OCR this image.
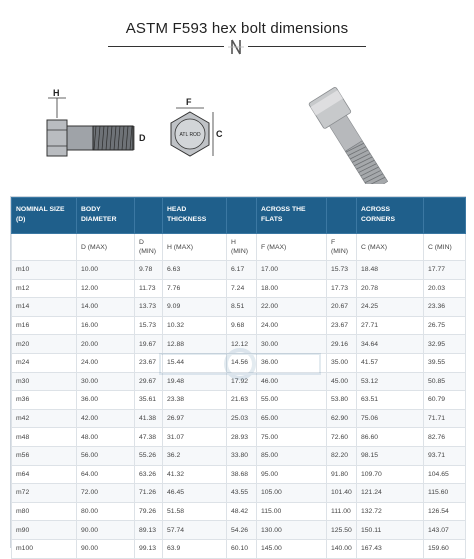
ASTM F593 hex bolt dimensions
H
D
F
C
ATL ROD
NOMINAL SIZE (D)	BODY DIAMETER		HEAD THICKNESS		ACROSS THE FLATS		ACROSS CORNERS	
	D (MAX)	D (MIN)	H (MAX)	H (MIN)	F (MAX)	F (MIN)	C (MAX)	C (MIN)
m10	10.00	9.78	6.63	6.17	17.00	15.73	18.48	17.77
m12	12.00	11.73	7.76	7.24	18.00	17.73	20.78	20.03
m14	14.00	13.73	9.09	8.51	22.00	20.67	24.25	23.36
m16	16.00	15.73	10.32	9.68	24.00	23.67	27.71	26.75
m20	20.00	19.67	12.88	12.12	30.00	29.16	34.64	32.95
m24	24.00	23.67	15.44	14.56	36.00	35.00	41.57	39.55
m30	30.00	29.67	19.48	17.92	46.00	45.00	53.12	50.85
m36	36.00	35.61	23.38	21.63	55.00	53.80	63.51	60.79
m42	42.00	41.38	26.97	25.03	65.00	62.90	75.06	71.71
m48	48.00	47.38	31.07	28.93	75.00	72.60	86.60	82.76
m56	56.00	55.26	36.2	33.80	85.00	82.20	98.15	93.71
m64	64.00	63.26	41.32	38.68	95.00	91.80	109.70	104.65
m72	72.00	71.26	46.45	43.55	105.00	101.40	121.24	115.60
m80	80.00	79.26	51.58	48.42	115.00	111.00	132.72	126.54
m90	90.00	89.13	57.74	54.26	130.00	125.50	150.11	143.07
m100	90.00	99.13	63.9	60.10	145.00	140.00	167.43	159.60
